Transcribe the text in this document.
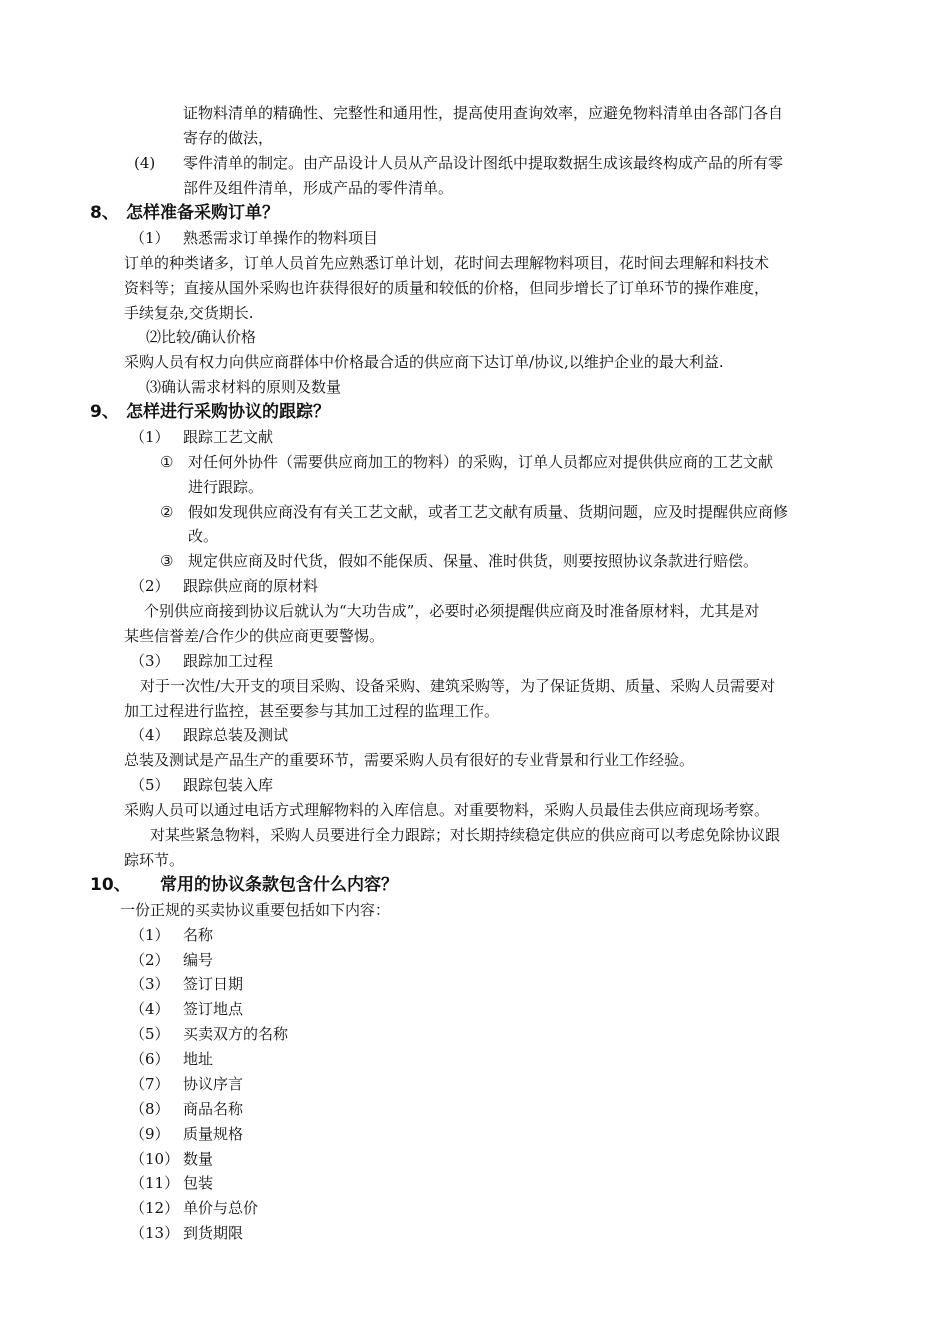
证物料清单的精确性、完整性和通用性，提高使用查询效率，应避免物料清单由各部门各自
寄存的做法，
(4) 零件清单的制定。由产品设计人员从产品设计图纸中提取数据生成该最终构成产品的所有零
部件及组件清单，形成产品的零件清单。
8、 怎样准备采购订单？
（1） 熟悉需求订单操作的物料项目
订单的种类诸多，订单人员首先应熟悉订单计划，花时间去理解物料项目，花时间去理解和料技术
资料等；直接从国外采购也许获得很好的质量和较低的价格，但同步增长了订单环节的操作难度，
手续复杂,交货期长.
⑵比较/确认价格
采购人员有权力向供应商群体中价格最合适的供应商下达订单/协议,以维护企业的最大利益.
⑶确认需求材料的原则及数量
9、 怎样进行采购协议的跟踪？
（1） 跟踪工艺文献
① 对任何外协件（需要供应商加工的物料）的采购，订单人员都应对提供供应商的工艺文献
进行跟踪。
② 假如发现供应商没有有关工艺文献，或者工艺文献有质量、货期问题，应及时提醒供应商修
改。
③ 规定供应商及时代货，假如不能保质、保量、准时供货，则要按照协议条款进行赔偿。
（2） 跟踪供应商的原材料
个别供应商接到协议后就认为“大功告成”，必要时必须提醒供应商及时准备原材料，尤其是对
某些信誉差/合作少的供应商更要警惕。
（3） 跟踪加工过程
对于一次性/大开支的项目采购、设备采购、建筑采购等，为了保证货期、质量、采购人员需要对
加工过程进行监控，甚至要参与其加工过程的监理工作。
（4） 跟踪总装及测试
总装及测试是产品生产的重要环节，需要采购人员有很好的专业背景和行业工作经验。
（5） 跟踪包装入库
采购人员可以通过电话方式理解物料的入库信息。对重要物料，采购人员最佳去供应商现场考察。
对某些紧急物料，采购人员要进行全力跟踪；对长期持续稳定供应的供应商可以考虑免除协议跟
踪环节。
10、 常用的协议条款包含什么内容？
一份正规的买卖协议重要包括如下内容：
（1） 名称
（2） 编号
（3） 签订日期
（4） 签订地点
（5） 买卖双方的名称
（6） 地址
（7） 协议序言
（8） 商品名称
（9） 质量规格
（10） 数量
（11） 包装
（12） 单价与总价
（13） 到货期限
